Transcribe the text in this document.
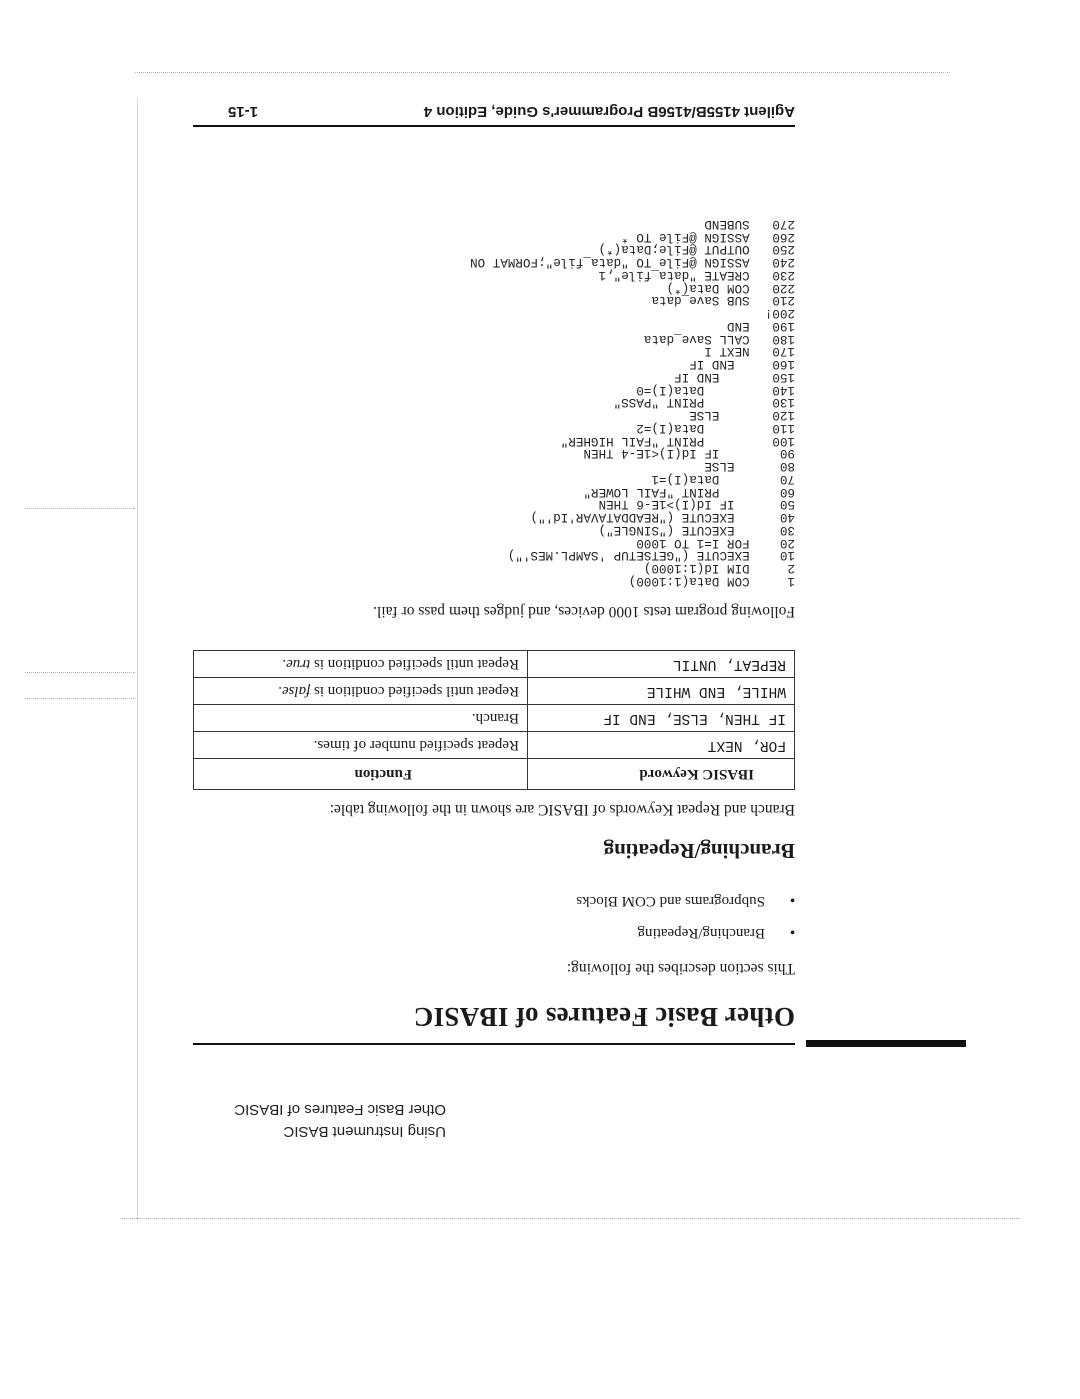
Using Instrument BASIC
Other Basic Features of IBASIC
Other Basic Features of IBASIC
This section describes the following:
•
Branching/Repeating
•
Subprograms and COM Blocks
Branching/Repeating
Branch and Repeat Keywords of IBASIC are shown in the following table:
IBASIC Keyword	Function
FOR, NEXT	Repeat specified number of times.
IF THEN, ELSE, END IF	Branch.
WHILE, END WHILE	Repeat until specified condition is false.
REPEAT, UNTIL	Repeat until specified condition is true.
Following program tests 1000 devices, and judges them pass or fail.
1     COM Data(1:1000)
2     DIM Id(1:1000)
10    EXECUTE ("GETSETUP 'SAMPL.MES'")
20    FOR I=1 TO 1000
30      EXECUTE ("SINGLE")
40      EXECUTE ("READDATAVAR'Id'")
50      IF Id(I)>1E-6 THEN
60        PRINT "FAIL LOWER"
70        Data(I)=1
80      ELSE
90        IF Id(I)<1E-4 THEN
100         PRINT "FAIL HIGHER"
110         Data(I)=2
120       ELSE
130         PRINT "PASS"
140         Data(I)=0
150       END IF
160     END IF
170   NEXT I
180   CALL Save_data
190   END
200!
210   SUB Save_data
220   COM Data(*)
230   CREATE "data_file",1
240   ASSIGN @File TO "data_file";FORMAT ON
250   OUTPUT @File;Data(*)
260   ASSIGN @File TO *
270   SUBEND
Agilent 4155B/4156B Programmer's Guide, Edition 4
1-15
